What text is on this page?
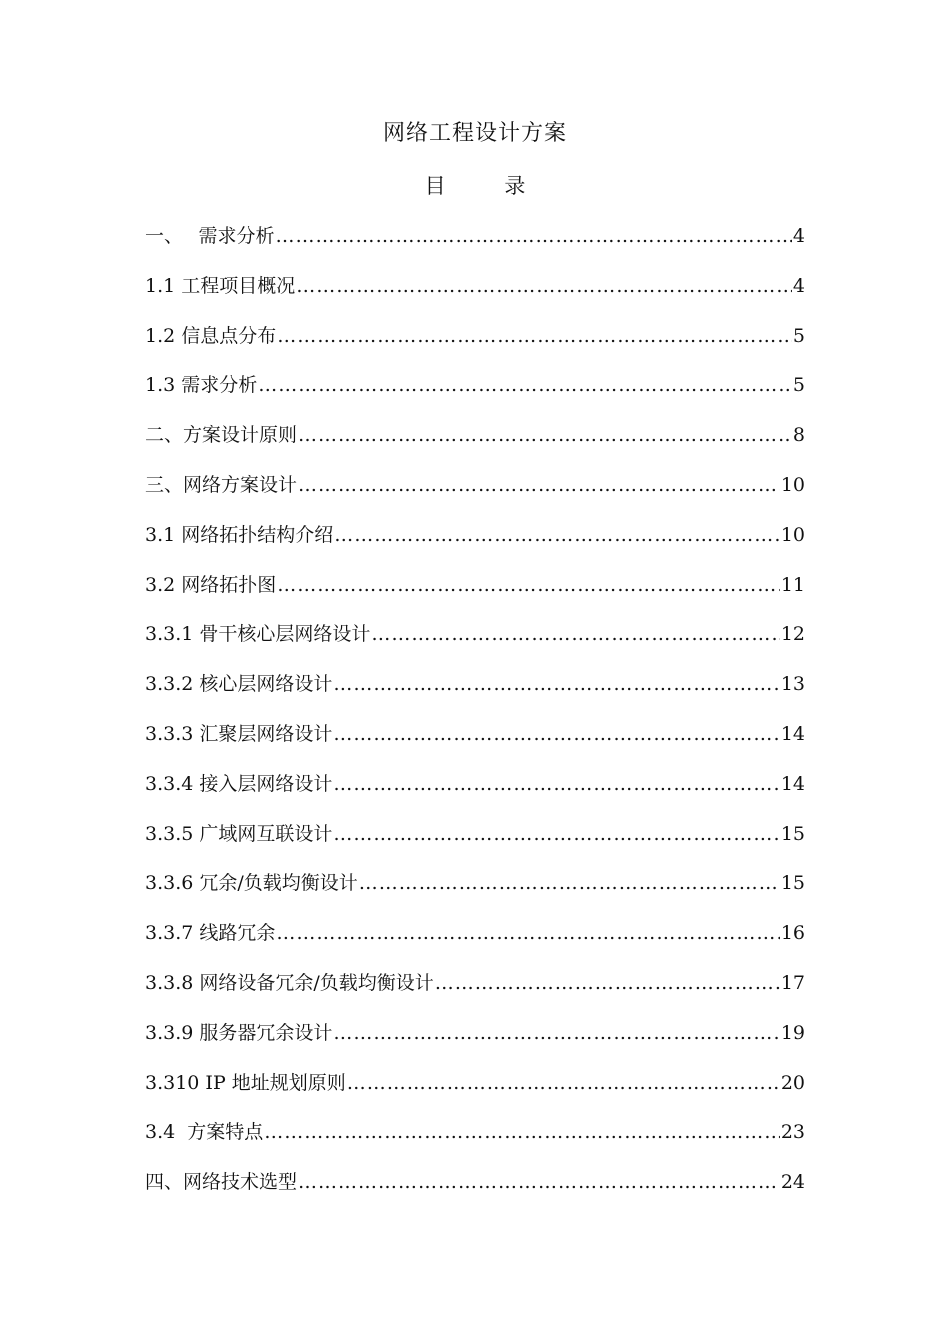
网络工程设计方案
目 录
一、　 需求分析 ……………………………………………………………………………………………………………………………………………………………………	4
1.1 工程项目概况 ……………………………………………………………………………………………………………………………………………………………………	4
1.2 信息点分布 ……………………………………………………………………………………………………………………………………………………………………	5
1.3 需求分析 ……………………………………………………………………………………………………………………………………………………………………	5
二、方案设计原则 ……………………………………………………………………………………………………………………………………………………………………	8
三、网络方案设计 ……………………………………………………………………………………………………………………………………………………………………	10
3.1 网络拓扑结构介绍 ……………………………………………………………………………………………………………………………………………………………………	10
3.2 网络拓扑图 ……………………………………………………………………………………………………………………………………………………………………	11
3.3.1 骨干核心层网络设计 ……………………………………………………………………………………………………………………………………………………………………	12
3.3.2 核心层网络设计 ……………………………………………………………………………………………………………………………………………………………………	13
3.3.3 汇聚层网络设计 ……………………………………………………………………………………………………………………………………………………………………	14
3.3.4 接入层网络设计 ……………………………………………………………………………………………………………………………………………………………………	14
3.3.5 广域网互联设计 ……………………………………………………………………………………………………………………………………………………………………	15
3.3.6 冗余/负载均衡设计 ……………………………………………………………………………………………………………………………………………………………………	15
3.3.7 线路冗余 ……………………………………………………………………………………………………………………………………………………………………	16
3.3.8 网络设备冗余/负载均衡设计 ……………………………………………………………………………………………………………………………………………………………………	17
3.3.9 服务器冗余设计 ……………………………………………………………………………………………………………………………………………………………………	19
3.310 IP 地址规划原则 ……………………………………………………………………………………………………………………………………………………………………	20
3.4  方案特点 ……………………………………………………………………………………………………………………………………………………………………	23
四、网络技术选型 ……………………………………………………………………………………………………………………………………………………………………	24
